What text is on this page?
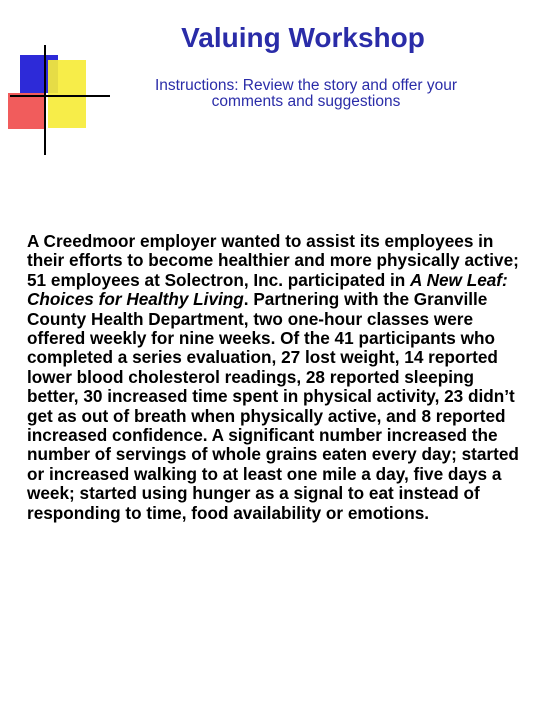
Valuing Workshop

Instructions: Review the story and offer your
comments and suggestions

A Creedmoor employer wanted to assist its employees in their efforts to become healthier and more physically active; 51 employees at Solectron, Inc. participated in A New Leaf: Choices for Healthy Living. Partnering with the Granville County Health Department, two one-hour classes were offered weekly for nine weeks. Of the 41 participants who completed a series evaluation, 27 lost weight, 14 reported lower blood cholesterol readings, 28 reported sleeping better, 30 increased time spent in physical activity, 23 didn’t get as out of breath when physically active, and 8 reported increased confidence. A significant number increased the number of servings of whole grains eaten every day; started or increased walking to at least one mile a day, five days a week; started using hunger as a signal to eat instead of responding to time, food availability or emotions.
